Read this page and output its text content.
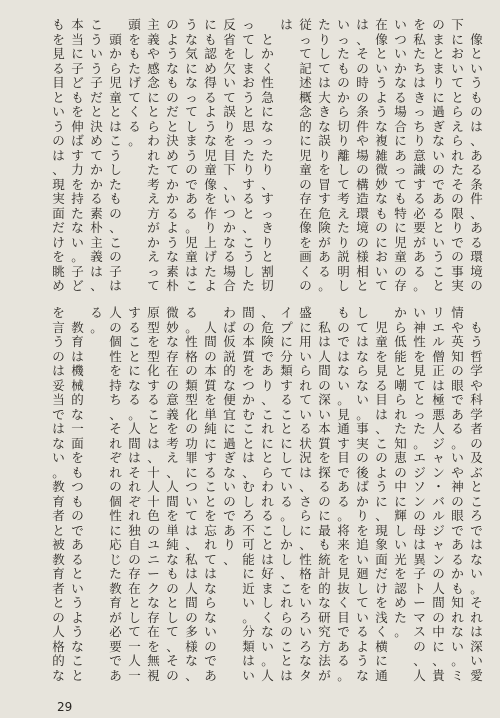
像
と
い
う
も
の
は
、
あ
る
条
件
、
あ
る
環
境
の
下
に
お
い
て
と
ら
え
ら
れ
た
そ
の
限
り
で
の
事
実
の
ま
と
ま
り
に
過
ぎ
な
い
の
で
あ
る
と
い
う
こ
と
を
私
た
ち
は
き
っ
ち
り
意
識
す
る
必
要
が
あ
る
。
い
つ
い
か
な
る
場
合
に
あ
っ
て
も
特
に
児
童
の
存
在
像
と
い
う
よ
う
な
複
雑
微
妙
な
も
の
に
お
い
て
は
、
そ
の
時
の
条
件
や
場
の
構
造
環
境
の
様
相
と
い
っ
た
も
の
か
ら
切
り
離
し
て
考
え
た
り
説
明
し
た
り
し
て
は
大
き
な
誤
り
を
冒
す
危
険
が
あ
る
。
従
っ
て
記
述
概
念
的
に
児
童
の
存
在
像
を
画
く
の
は

と
か
く
性
急
に
な
っ
た
り
、
す
っ
き
り
と
割
切
っ
て
し
ま
お
う
と
思
っ
た
り
す
る
と
、
こ
う
し
た
反
省
を
欠
い
て
誤
り
を
目
下
、
い
つ
か
な
る
場
合
に
も
認
め
得
る
よ
う
な
児
童
像
を
作
り
上
げ
た
よ
う
な
気
に
な
っ
て
し
ま
う
の
で
あ
る
。
児
童
は
こ
の
よ
う
な
も
の
だ
と
決
め
て
か
か
る
よ
う
な
素
朴
主
義
や
感
念
に
と
ら
わ
れ
た
考
え
方
が
か
え
っ
て
頭
を
も
た
げ
て
く
る
。

頭
か
ら
児
童
と
は
こ
う
し
た
も
の
、
こ
の
子
は
こ
う
い
う
子
だ
と
決
め
て
か
か
る
素
朴
主
義
は
、
本
当
に
子
ど
も
を
伸
ば
す
力
を
持
た
な
い
。
子
ど
も
を
見
る
目
と
い
う
の
は
、
現
実
面
だ
け
を
眺
め

も
う
哲
学
や
科
学
者
の
及
ぶ
と
こ
ろ
で
は
な
い
。
そ
れ
は
深
い
愛
情
や
英
知
の
眼
で
あ
る
。
い
や
神
の
眼
で
あ
る
か
も
知
れ
な
い
。
ミ
リ
エ
ル
僧
正
は
極
悪
人
ジ
ャ
ン
・
バ
ル
ジ
ャ
ン
の
人
間
の
中
に
、
貴
い
神
性
を
見
て
と
っ
た
。
エ
ジ
ソ
ン
の
母
は
異
子
ト
ー
マ
ス
の
、
人
か
ら
低
能
と
嘲
ら
れ
た
知
恵
の
中
に
輝
し
い
光
を
認
め
た
。

児
童
を
見
る
目
は
、
こ
の
よ
う
に
、
現
象
面
だ
け
を
浅
く
横
に
通
し
て
は
な
ら
な
い
。
事
実
の
後
ば
か
り
を
追
い
廻
し
て
い
る
よ
う
な
も
の
で
は
な
い
。
見
通
す
目
で
あ
る
。
将
来
を
見
抜
く
目
で
あ
る
。

私
は
人
間
の
深
い
本
質
を
探
る
の
に
最
も
統
計
的
な
研
究
方
法
が
盛
に
用
い
ら
れ
て
い
る
状
況
は
、
さ
ら
に
、
性
格
を
い
ろ
い
ろ
な
タ
イ
プ
に
分
類
す
る
こ
と
に
し
て
い
る
。
し
か
し
、
こ
れ
ら
の
こ
と
は
、
危
険
で
あ
り
、
こ
れ
に
と
ら
わ
れ
る
こ
と
は
好
ま
し
く
な
い
。
人
間
の
本
質
を
つ
か
む
こ
と
は
、
む
し
ろ
不
可
能
に
近
い
。
分
類
は
い
わ
ば
仮
説
的
な
便
宜
に
過
ぎ
な
い
の
で
あ
り
、

人
間
の
本
質
を
単
純
に
す
る
こ
と
を
忘
れ
て
は
な
ら
な
い
の
で
あ
る
。
性
格
の
類
型
化
の
功
罪
に
つ
い
て
は
、
私
は
人
間
の
多
様
な
、
微
妙
な
存
在
の
意
義
を
考
え
、
人
間
を
単
純
な
も
の
と
し
て
、
そ
の
原
型
を
型
化
す
る
こ
と
は
、
十
人
十
色
の
ユ
ニ
ー
ク
な
存
在
を
無
視
す
る
こ
と
に
な
る
。
人
間
は
そ
れ
ぞ
れ
独
自
の
存
在
と
し
て
一
人
一
人
の
個
性
を
持
ち
、
そ
れ
ぞ
れ
の
個
性
に
応
じ
た
教
育
が
必
要
で
あ
る
。

教
育
は
機
械
的
な
一
面
を
も
つ
も
の
で
あ
る
と
い
う
よ
う
な
こ
と
を
言
う
の
は
妥
当
で
は
な
い
。
教
育
者
と
被
教
育
者
と
の
人
格
的
な
29
